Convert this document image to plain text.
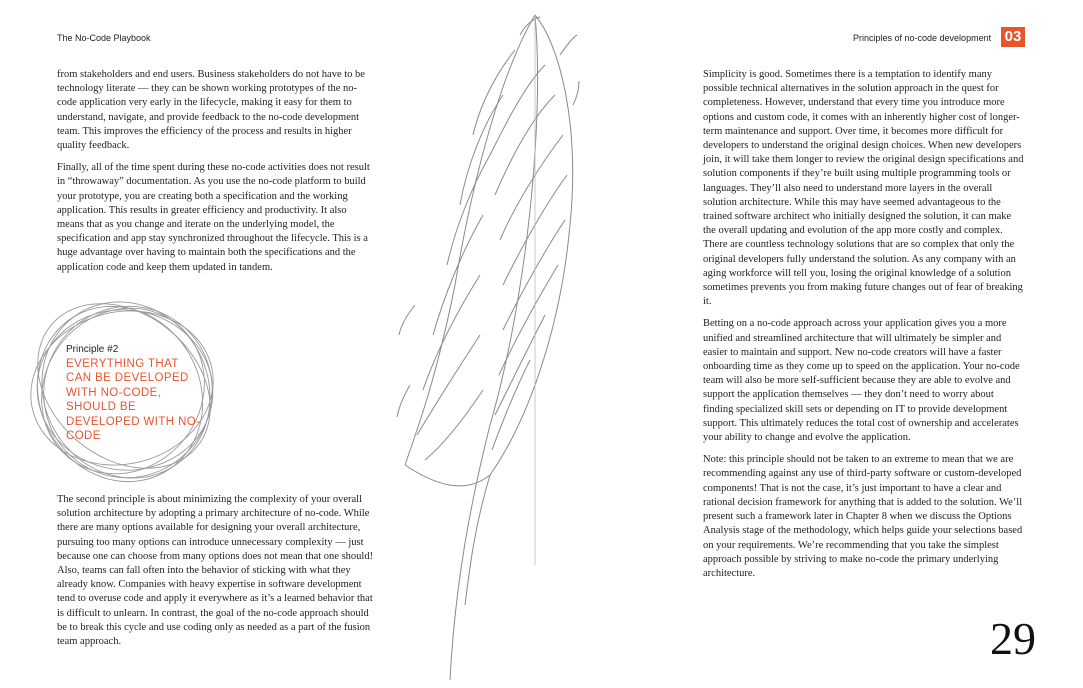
The No-Code Playbook	Principles of no-code development 03

from stakeholders and end users. Business stakeholders do not have to be technology literate — they can be shown working prototypes of the no-code application very early in the lifecycle, making it easy for them to understand, navigate, and provide feedback to the no-code development team. This improves the efficiency of the process and results in higher quality feedback.

Finally, all of the time spent during these no-code activities does not result in “throwaway” documentation. As you use the no-code platform to build your prototype, you are creating both a specification and the working application. This results in greater efficiency and productivity. It also means that as you change and iterate on the underlying model, the specification and app stay synchronized throughout the lifecycle. This is a huge advantage over having to maintain both the specifications and the application code and keep them updated in tandem.

Principle #2
EVERYTHING THAT CAN BE DEVELOPED WITH NO-CODE, SHOULD BE DEVELOPED WITH NO-CODE

The second principle is about minimizing the complexity of your overall solution architecture by adopting a primary architecture of no-code. While there are many options available for designing your overall architecture, pursuing too many options can introduce unnecessary complexity — just because one can choose from many options does not mean that one should! Also, teams can fall often into the behavior of sticking with what they already know. Companies with heavy expertise in software development tend to overuse code and apply it everywhere as it’s a learned behavior that is difficult to unlearn. In contrast, the goal of the no-code approach should be to break this cycle and use coding only as needed as a part of the fusion team approach.

Simplicity is good. Sometimes there is a temptation to identify many possible technical alternatives in the solution approach in the quest for completeness. However, understand that every time you introduce more options and custom code, it comes with an inherently higher cost of longer-term maintenance and support. Over time, it becomes more difficult for developers to understand the original design choices. When new developers join, it will take them longer to review the original design specifications and solution components if they’re built using multiple programming tools or languages. They’ll also need to understand more layers in the overall solution architecture. While this may have seemed advantageous to the trained software architect who initially designed the solution, it can make the overall updating and evolution of the app more costly and complex. There are countless technology solutions that are so complex that only the original developers fully understand the solution. As any company with an aging workforce will tell you, losing the original knowledge of a solution sometimes prevents you from making future changes out of fear of breaking it.

Betting on a no-code approach across your application gives you a more unified and streamlined architecture that will ultimately be simpler and easier to maintain and support. New no-code creators will have a faster onboarding time as they come up to speed on the application. Your no-code team will also be more self-sufficient because they are able to evolve and support the application themselves — they don’t need to worry about finding specialized skill sets or depending on IT to provide development support. This ultimately reduces the total cost of ownership and accelerates your ability to change and evolve the application.

Note: this principle should not be taken to an extreme to mean that we are recommending against any use of third-party software or custom-developed components! That is not the case, it’s just important to have a clear and rational decision framework for anything that is added to the solution. We’ll present such a framework later in Chapter 8 when we discuss the Options Analysis stage of the methodology, which helps guide your selections based on your requirements. We’re recommending that you take the simplest approach possible by striving to make no-code the primary underlying architecture.

29
